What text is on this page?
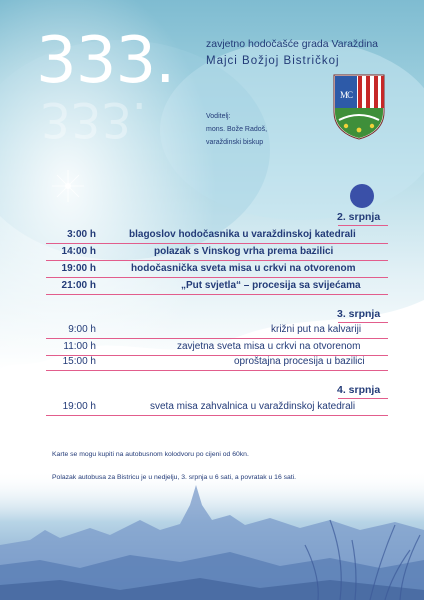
333.
333.
zavjetno hodočašće grada Varaždina
Majci Božjoj Bistričkoj
Voditelj:
mons. Bože Radoš,
varaždinski biskup
M
C
2. srpnja
3:00 h	blagoslov hodočasnika u varaždinskoj katedrali
14:00 h	polazak s Vinskog vrha prema bazilici
19:00 h	hodočasnička sveta misa u crkvi na otvorenom
21:00 h	„Put svjetla“ – procesija sa svijećama
3. srpnja
9:00 h	križni put na kalvariji
11:00 h	zavjetna sveta misa u crkvi na otvorenom
15:00 h	oproštajna procesija u bazilici
4. srpnja
19:00 h	sveta misa zahvalnica u varaždinskoj katedrali
Karte se mogu kupiti na autobusnom kolodvoru po cijeni od 60kn.
Polazak autobusa za Bistricu je u nedjelju, 3. srpnja u 6 sati, a povratak u 16 sati.
